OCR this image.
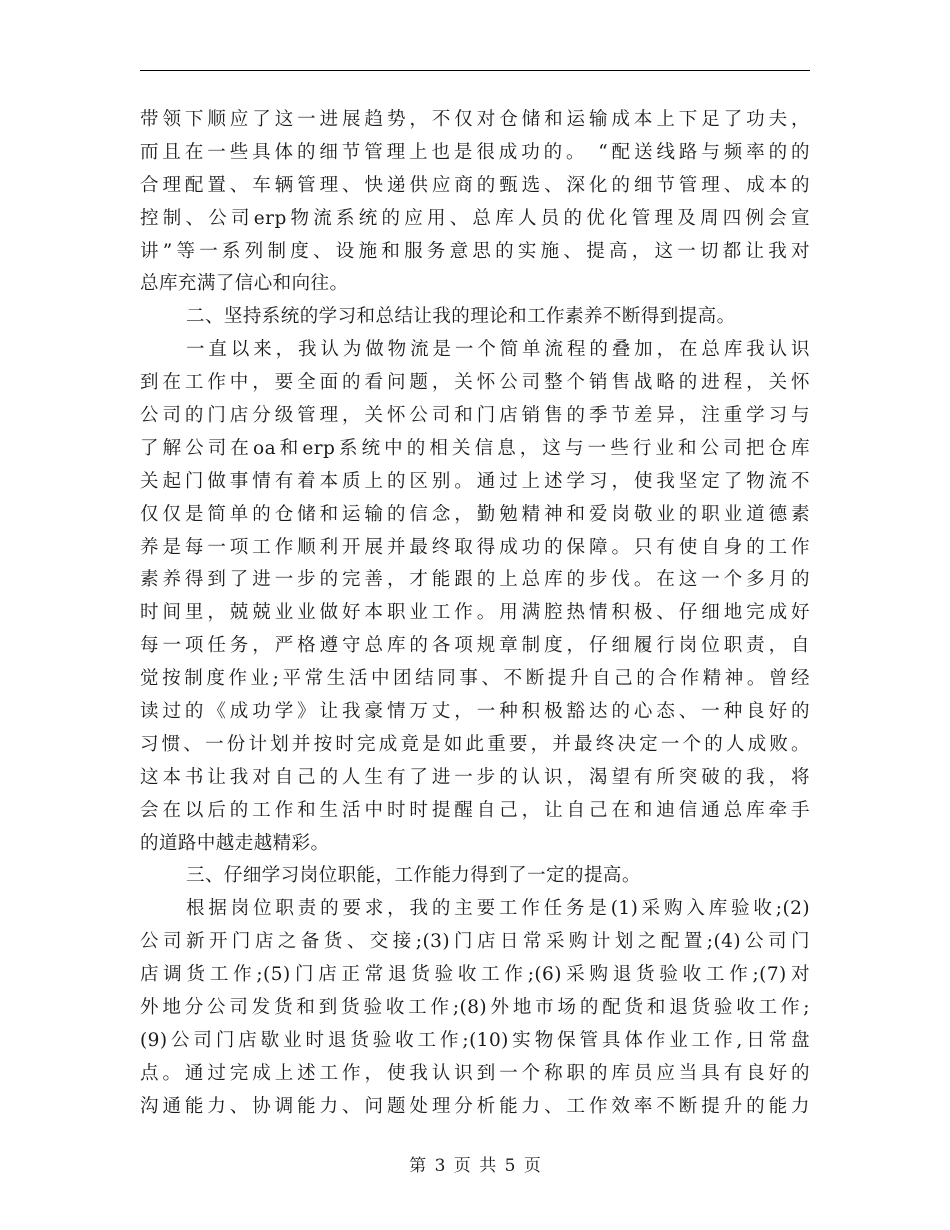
带领下顺应了这一进展趋势，不仅对仓储和运输成本上下足了功夫，
而且在一些具体的细节管理上也是很成功的。 “配送线路与频率的的
合理配置、车辆管理、快递供应商的甄选、深化的细节管理、成本的
控制、公司erp物流系统的应用、总库人员的优化管理及周四例会宣
讲”等一系列制度、设施和服务意思的实施、提高，这一切都让我对
总库充满了信心和向往。
二、坚持系统的学习和总结让我的理论和工作素养不断得到提高。
一直以来，我认为做物流是一个简单流程的叠加，在总库我认识
到在工作中，要全面的看问题，关怀公司整个销售战略的进程，关怀
公司的门店分级管理，关怀公司和门店销售的季节差异，注重学习与
了解公司在oa和erp系统中的相关信息，这与一些行业和公司把仓库
关起门做事情有着本质上的区别。通过上述学习，使我坚定了物流不
仅仅是简单的仓储和运输的信念，勤勉精神和爱岗敬业的职业道德素
养是每一项工作顺利开展并最终取得成功的保障。只有使自身的工作
素养得到了进一步的完善，才能跟的上总库的步伐。在这一个多月的
时间里，兢兢业业做好本职业工作。用满腔热情积极、仔细地完成好
每一项任务，严格遵守总库的各项规章制度，仔细履行岗位职责，自
觉按制度作业;平常生活中团结同事、不断提升自己的合作精神。曾经
读过的《成功学》让我豪情万丈，一种积极豁达的心态、一种良好的
习惯、一份计划并按时完成竟是如此重要，并最终决定一个的人成败。
这本书让我对自己的人生有了进一步的认识，渴望有所突破的我，将
会在以后的工作和生活中时时提醒自己，让自己在和迪信通总库牵手
的道路中越走越精彩。
三、仔细学习岗位职能，工作能力得到了一定的提高。
根据岗位职责的要求，我的主要工作任务是(1)采购入库验收;(2)
公司新开门店之备货、交接;(3)门店日常采购计划之配置;(4)公司门
店调货工作;(5)门店正常退货验收工作;(6)采购退货验收工作;(7)对
外地分公司发货和到货验收工作;(8)外地市场的配货和退货验收工作;
(9)公司门店歇业时退货验收工作;(10)实物保管具体作业工作,日常盘
点。通过完成上述工作，使我认识到一个称职的库员应当具有良好的
沟通能力、协调能力、问题处理分析能力、工作效率不断提升的能力
第 3 页 共 5 页
